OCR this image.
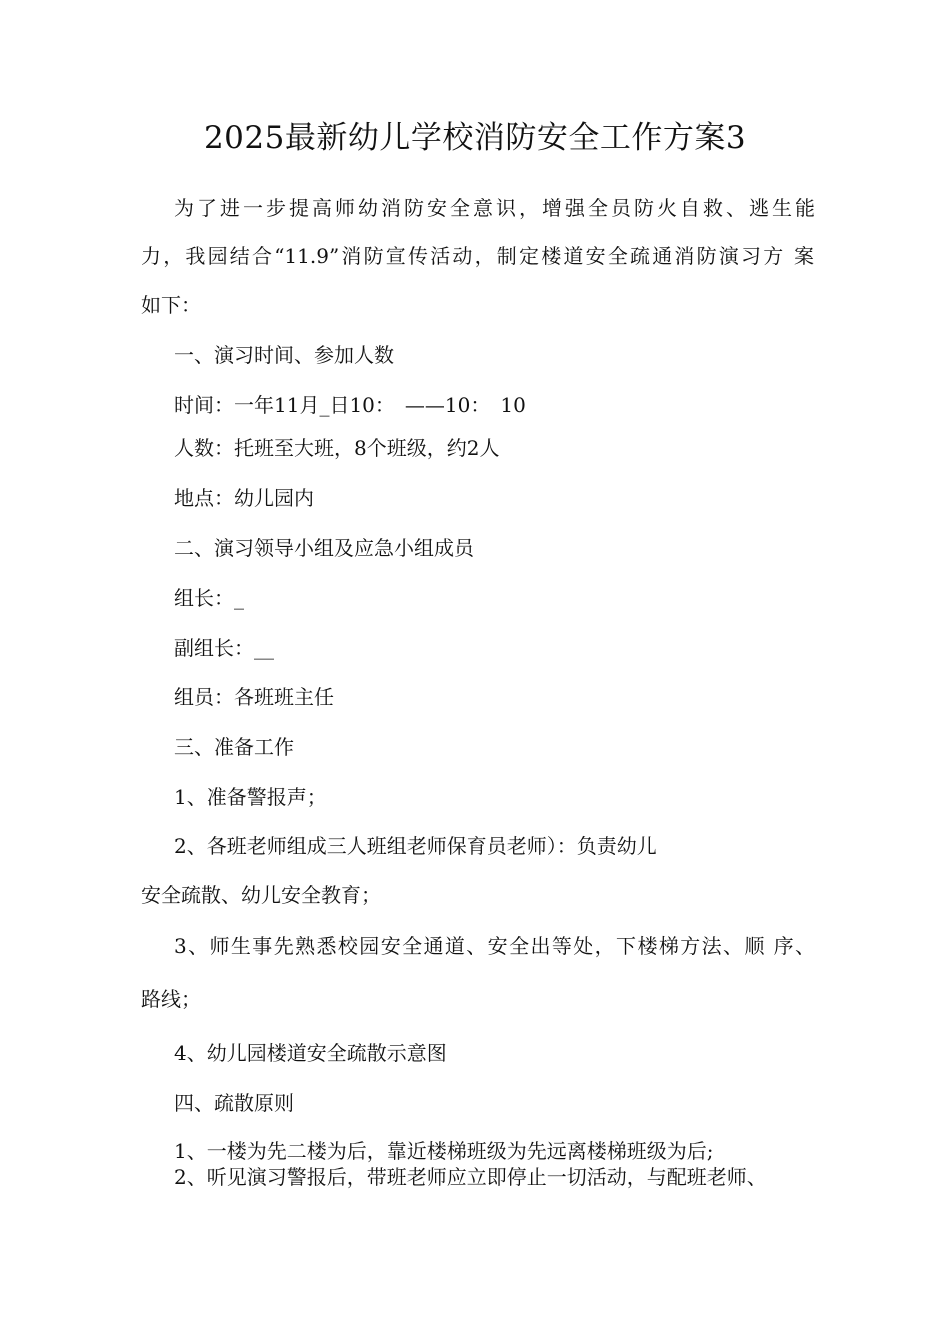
2025最新幼儿学校消防安全工作方案3
为了进一步提高师幼消防安全意识，增强全员防火自救、逃生能
力，我园结合“11.9”消防宣传活动，制定楼道安全疏通消防演习方 案
如下：
一、演习时间、参加人数
时间：一年11月_日10：　——10：　10
人数：托班至大班，8个班级，约2人
地点：幼儿园内
二、演习领导小组及应急小组成员
组长：_
副组长：__
组员：各班班主任
三、准备工作
1、准备警报声；
2、各班老师组成三人班组老师保育员老师）：负责幼儿
安全疏散、幼儿安全教育；
3、师生事先熟悉校园安全通道、安全出等处，下楼梯方法、顺 序、
路线；
4、幼儿园楼道安全疏散示意图
四、疏散原则
1、一楼为先二楼为后，靠近楼梯班级为先远离楼梯班级为后;
2、听见演习警报后，带班老师应立即停止一切活动，与配班老师、
